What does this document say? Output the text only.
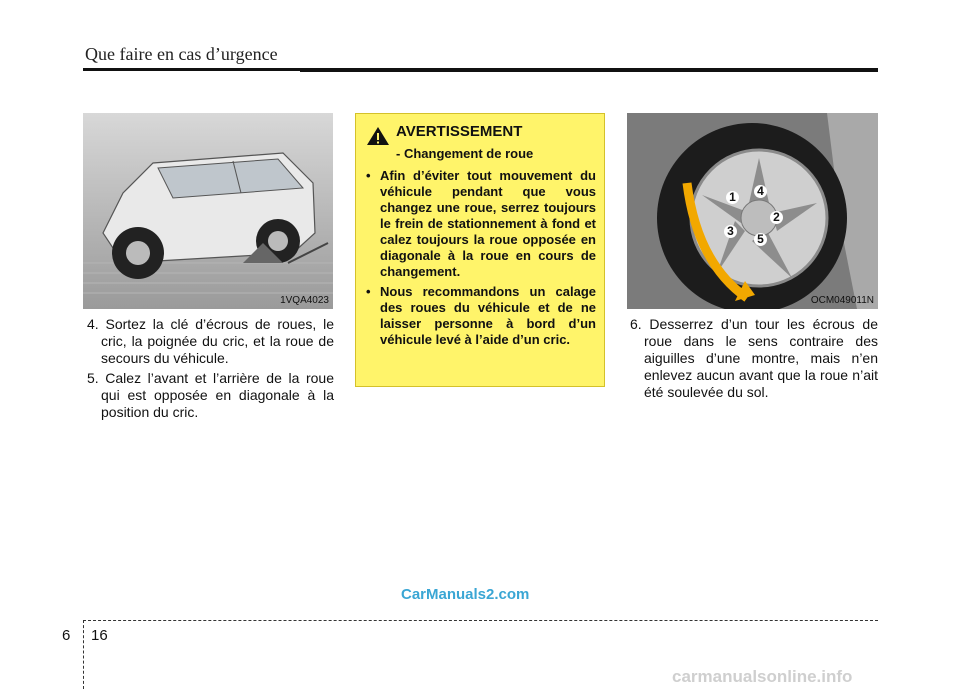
Que faire en cas d’urgence
1VQA4023
4. Sortez la clé d’écrous de roues, le cric, la poignée du cric, et la roue de secours du véhicule.
5. Calez l’avant et l’arrière de la roue qui est opposée en diagonale à la position du cric.
AVERTISSEMENT
- Changement de roue
• Afin d’éviter tout mouvement du véhicule pendant que vous changez une roue, serrez toujours le frein de stationnement à fond et calez toujours la roue opposée en diagonale à la roue en cours de changement.
• Nous recommandons un calage des roues du véhicule et de ne laisser personne à bord d’un véhicule levé à l’aide d’un cric.
1
2
3
4
5
OCM049011N
6. Desserrez d’un tour les écrous de roue dans le sens contraire des aiguilles d’une montre, mais n’en enlevez aucun avant que la roue n’ait été soulevée du sol.
6 16
CarManuals2.com
carmanualsonline.info
